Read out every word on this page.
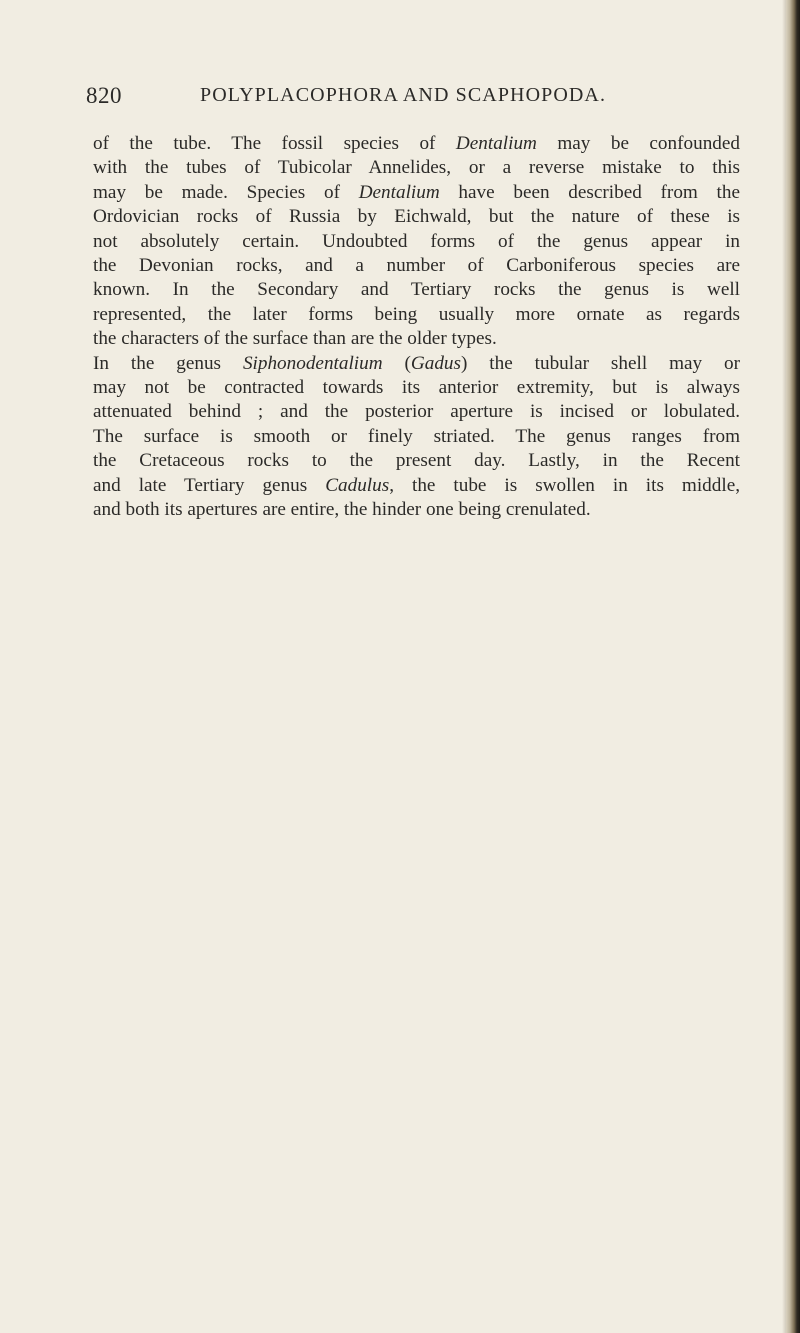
820	POLYPLACOPHORA AND SCAPHOPODA.
of the tube. The fossil species of Dentalium may be confounded
with the tubes of Tubicolar Annelides, or a reverse mistake to this
may be made. Species of Dentalium have been described from the
Ordovician rocks of Russia by Eichwald, but the nature of these is
not absolutely certain. Undoubted forms of the genus appear in
the Devonian rocks, and a number of Carboniferous species are
known. In the Secondary and Tertiary rocks the genus is well
represented, the later forms being usually more ornate as regards
the characters of the surface than are the older types.
In the genus Siphonodentalium (Gadus) the tubular shell may or
may not be contracted towards its anterior extremity, but is always
attenuated behind ; and the posterior aperture is incised or lobulated.
The surface is smooth or finely striated. The genus ranges from
the Cretaceous rocks to the present day. Lastly, in the Recent
and late Tertiary genus Cadulus, the tube is swollen in its middle,
and both its apertures are entire, the hinder one being crenulated.
